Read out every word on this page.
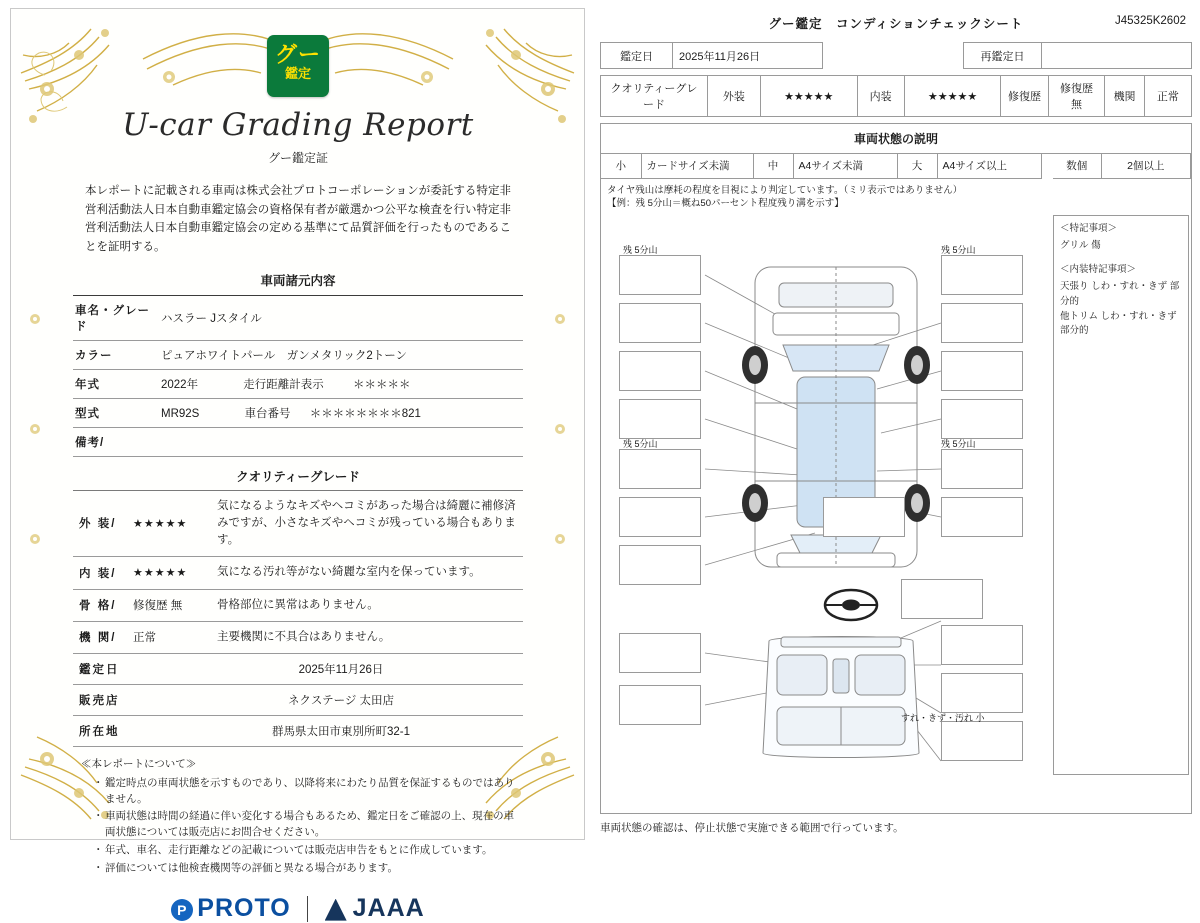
グー
鑑定
U-car Grading Report
グー鑑定証
本レポートに記載される車両は株式会社プロトコーポレーションが委託する特定非営利活動法人日本自動車鑑定協会の資格保有者が厳選かつ公平な検査を行い特定非営利活動法人日本自動車鑑定協会の定める基準にて品質評価を行ったものであることを証明する。
車両諸元内容
車名・グレード	ハスラー Jスタイル
カラー	ピュアホワイトパール　ガンメタリック2トーン
年式	2022年 走行距離計表示 ＊＊＊＊＊
型式	MR92S 車台番号 ＊＊＊＊＊＊＊＊821
備考/	
クオリティーグレード
外 装/	★★★★★	気になるようなキズやヘコミがあった場合は綺麗に補修済みですが、小さなキズやヘコミが残っている場合もあります。
内 装/	★★★★★	気になる汚れ等がない綺麗な室内を保っています。
骨 格/	修復歴 無	骨格部位に異常はありません。
機 関/	正常	主要機関に不具合はありません。
鑑定日	2025年11月26日
販売店	ネクステージ 太田店
所在地	群馬県太田市東別所町32-1
≪本レポートについて≫
・ 鑑定時点の車両状態を示すものであり、以降将来にわたり品質を保証するものではありません。
・ 車両状態は時間の経過に伴い変化する場合もあるため、鑑定日をご確認の上、現在の車両状態については販売店にお問合せください。
・ 年式、車名、走行距離などの記載については販売店申告をもとに作成しています。
・ 評価については他検査機関等の評価と異なる場合があります。
P PROTO JAAA
グー鑑定　コンディションチェックシート	J45325K2602
鑑定日	2025年11月26日		再鑑定日	
クオリティーグレード	外装	★★★★★	内装	★★★★★	修復歴	修復歴 無	機関	正常
車両状態の説明
小	カードサイズ未満	中	A4サイズ未満	大	A4サイズ以上		数個	2個以上
タイヤ残山は摩耗の程度を目視により判定しています。（ミリ表示ではありません）
【例：残 5分山＝概ね50パーセント程度残り溝を示す】
残 5分山	残 5分山
残 5分山	残 5分山
すれ・きず・汚れ 小
＜特記事項＞
グリル 傷
＜内装特記事項＞
天張り しわ・すれ・きず 部分的
他トリム しわ・すれ・きず 部分的
車両状態の確認は、停止状態で実施できる範囲で行っています。
